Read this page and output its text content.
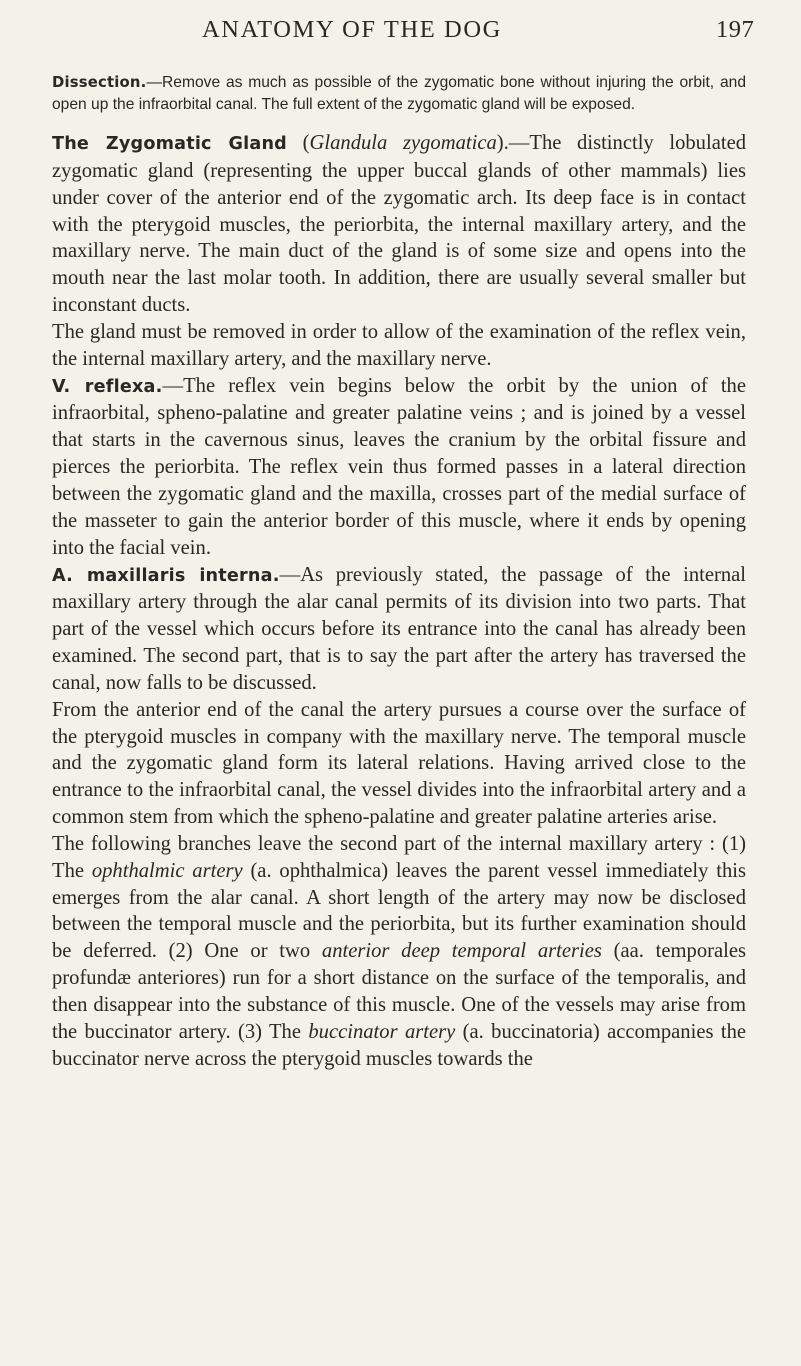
ANATOMY OF THE DOG	197

Dissection.—Remove as much as possible of the zygomatic bone without injuring the orbit, and open up the infraorbital canal. The full extent of the zygomatic gland will be exposed.

The Zygomatic Gland (Glandula zygomatica).—The distinctly lobulated zygomatic gland (representing the upper buccal glands of other mammals) lies under cover of the anterior end of the zygomatic arch. Its deep face is in contact with the pterygoid muscles, the periorbita, the internal maxillary artery, and the maxillary nerve. The main duct of the gland is of some size and opens into the mouth near the last molar tooth. In addition, there are usually several smaller but inconstant ducts.

The gland must be removed in order to allow of the examination of the reflex vein, the internal maxillary artery, and the maxillary nerve.

V. reflexa.—The reflex vein begins below the orbit by the union of the infraorbital, spheno-palatine and greater palatine veins ; and is joined by a vessel that starts in the cavernous sinus, leaves the cranium by the orbital fissure and pierces the periorbita. The reflex vein thus formed passes in a lateral direction between the zygomatic gland and the maxilla, crosses part of the medial surface of the masseter to gain the anterior border of this muscle, where it ends by opening into the facial vein.

A. maxillaris interna.—As previously stated, the passage of the internal maxillary artery through the alar canal permits of its division into two parts. That part of the vessel which occurs before its entrance into the canal has already been examined. The second part, that is to say the part after the artery has traversed the canal, now falls to be discussed.

From the anterior end of the canal the artery pursues a course over the surface of the pterygoid muscles in company with the maxillary nerve. The temporal muscle and the zygomatic gland form its lateral relations. Having arrived close to the entrance to the infraorbital canal, the vessel divides into the infraorbital artery and a common stem from which the spheno-palatine and greater palatine arteries arise.

The following branches leave the second part of the internal maxillary artery : (1) The ophthalmic artery (a. ophthalmica) leaves the parent vessel immediately this emerges from the alar canal. A short length of the artery may now be disclosed between the temporal muscle and the periorbita, but its further examination should be deferred. (2) One or two anterior deep temporal arteries (aa. temporales profundæ anteriores) run for a short distance on the surface of the temporalis, and then disappear into the substance of this muscle. One of the vessels may arise from the buccinator artery. (3) The buccinator artery (a. buccinatoria) accompanies the buccinator nerve across the pterygoid muscles towards the
